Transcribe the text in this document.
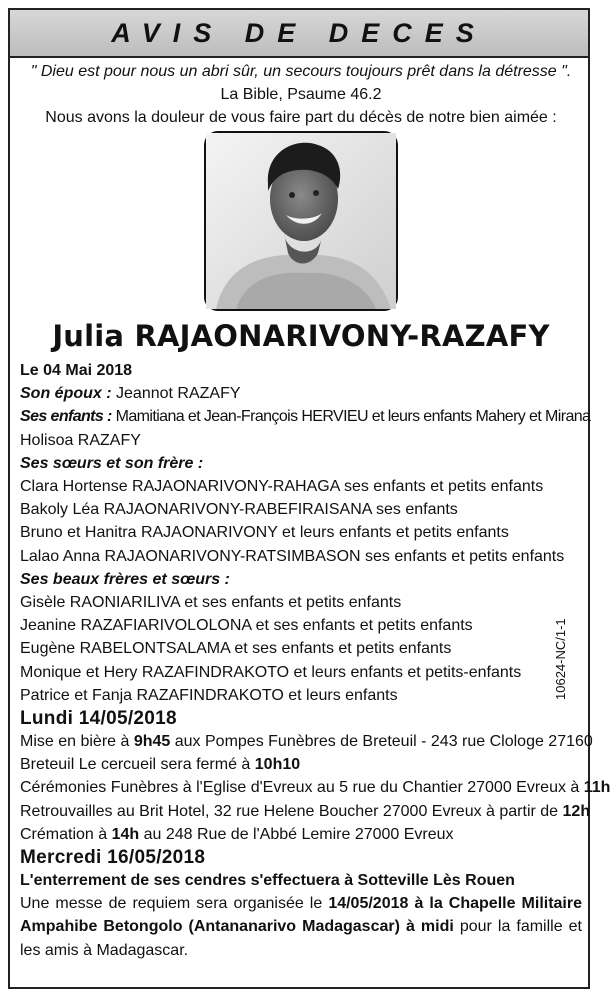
AVIS DE DECES
" Dieu est pour nous un abri sûr, un secours toujours prêt dans la détresse ".
La Bible, Psaume 46.2
Nous avons la douleur de vous faire part du décès de notre bien aimée :
Julia RAJAONARIVONY-RAZAFY
Le 04 Mai 2018
Son époux : Jeannot RAZAFY
Ses enfants : Mamitiana et Jean-François HERVIEU et leurs enfants Mahery et Mirana
Holisoa RAZAFY
Ses sœurs et son frère :
Clara Hortense RAJAONARIVONY-RAHAGA ses enfants et petits enfants
Bakoly Léa RAJAONARIVONY-RABEFIRAISANA ses enfants
Bruno et Hanitra RAJAONARIVONY et leurs enfants et petits enfants
Lalao Anna RAJAONARIVONY-RATSIMBASON ses enfants et petits enfants
Ses beaux frères et sœurs :
Gisèle RAONIARILIVA et ses enfants et petits enfants
Jeanine RAZAFIARIVOLOLONA et ses enfants et petits enfants
Eugène RABELONTSALAMA et ses enfants et petits enfants
Monique et Hery RAZAFINDRAKOTO et leurs enfants et petits-enfants
Patrice et Fanja RAZAFINDRAKOTO et leurs enfants
Lundi 14/05/2018
Mise en bière à 9h45 aux Pompes Funèbres de Breteuil - 243 rue Clologe 27160
Breteuil Le cercueil sera fermé à 10h10
Cérémonies Funèbres à l'Eglise d'Evreux au 5 rue du Chantier 27000 Evreux à 11h
Retrouvailles au Brit Hotel, 32 rue Helene Boucher 27000 Evreux à partir de 12h
Crémation à 14h au 248 Rue de l'Abbé Lemire 27000 Evreux
Mercredi 16/05/2018
L'enterrement de ses cendres s'effectuera à Sotteville Lès Rouen
Une messe de requiem sera organisée le 14/05/2018 à la Chapelle Militaire Ampahibe Betongolo (Antananarivo Madagascar) à midi pour la famille et les amis à Madagascar.
10624-NC/1-1
